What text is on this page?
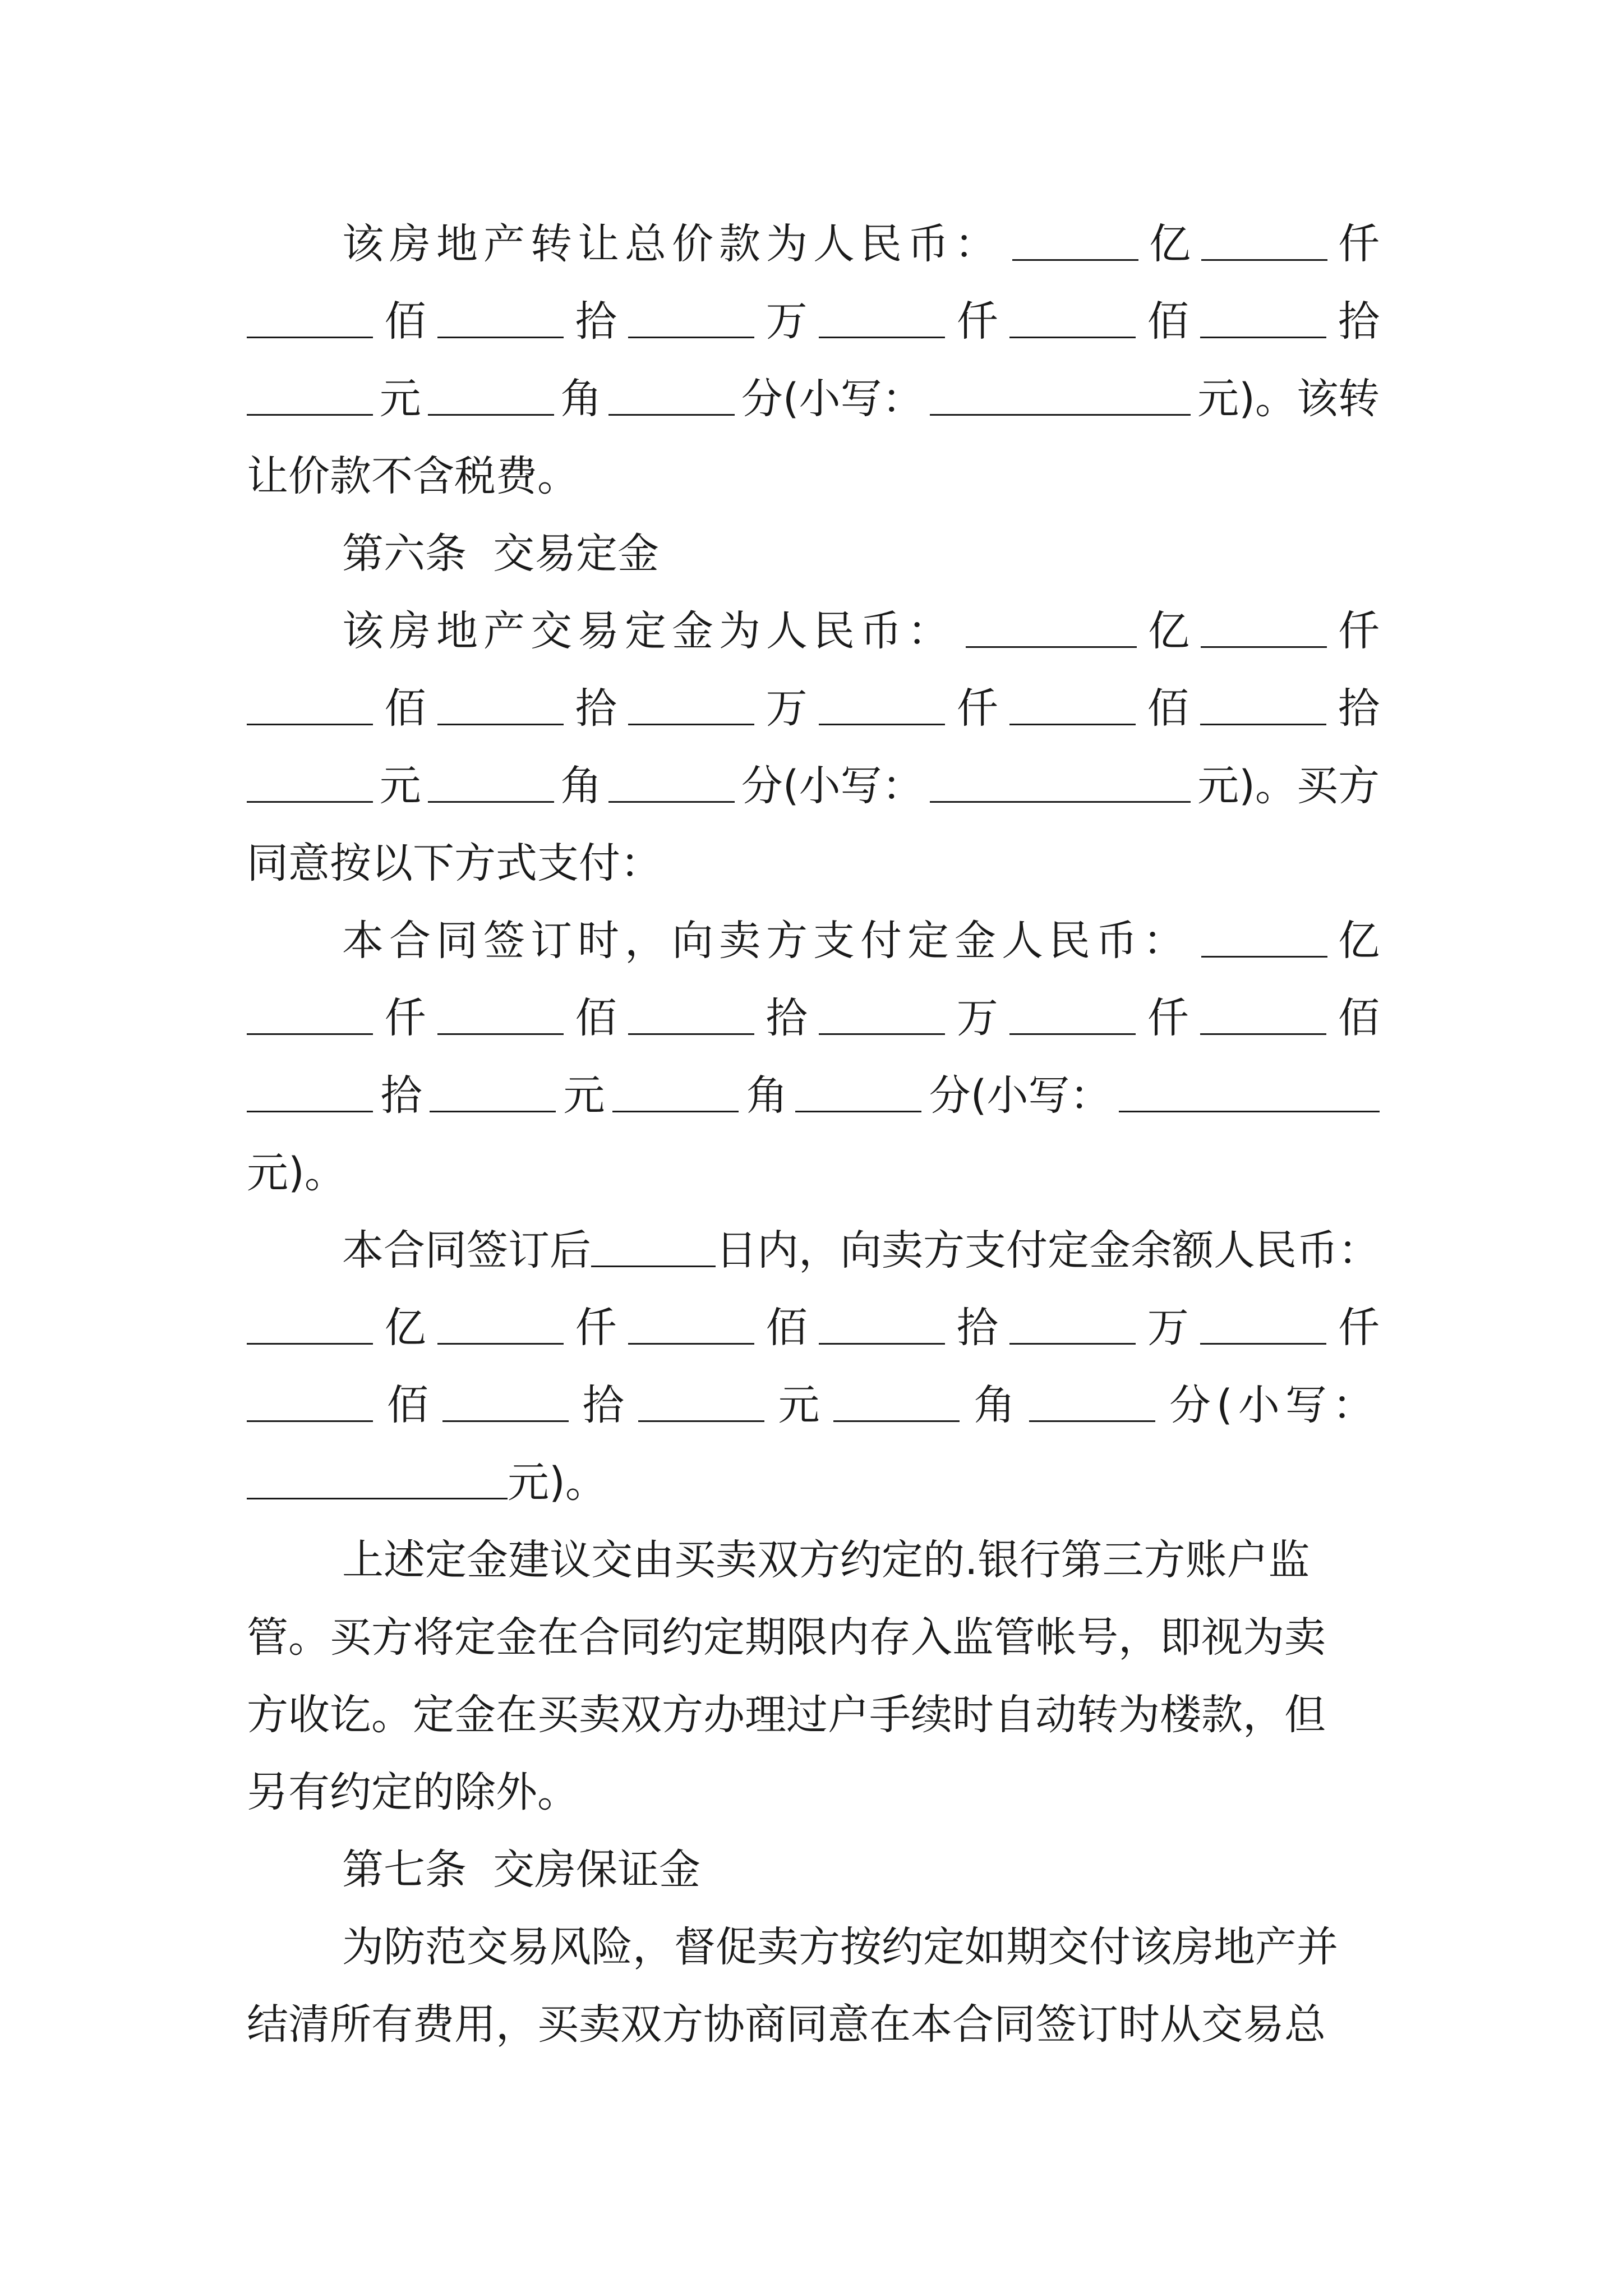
该房地产转让总价款为人民币：	亿	仟
佰	拾	万	仟	佰	拾
元	角	分(小写：	元)。该转
让价款不含税费。
第六条  交易定金
该房地产交易定金为人民币：	亿	仟
佰	拾	万	仟	佰	拾
元	角	分(小写：	元)。买方
同意按以下方式支付：
本合同签订时，向卖方支付定金人民币：	亿
仟	佰	拾	万	仟	佰
拾	元	角	分(小写：
元)。
本合同签订后	日内，向卖方支付定金余额人民币：
亿	仟	佰	拾	万	仟
佰	拾	元	角	分(小写：
元)。
上述定金建议交由买卖双方约定的.银行第三方账户监
管。买方将定金在合同约定期限内存入监管帐号，即视为卖
方收讫。定金在买卖双方办理过户手续时自动转为楼款，但
另有约定的除外。
第七条  交房保证金
为防范交易风险，督促卖方按约定如期交付该房地产并
结清所有费用，买卖双方协商同意在本合同签订时从交易总
